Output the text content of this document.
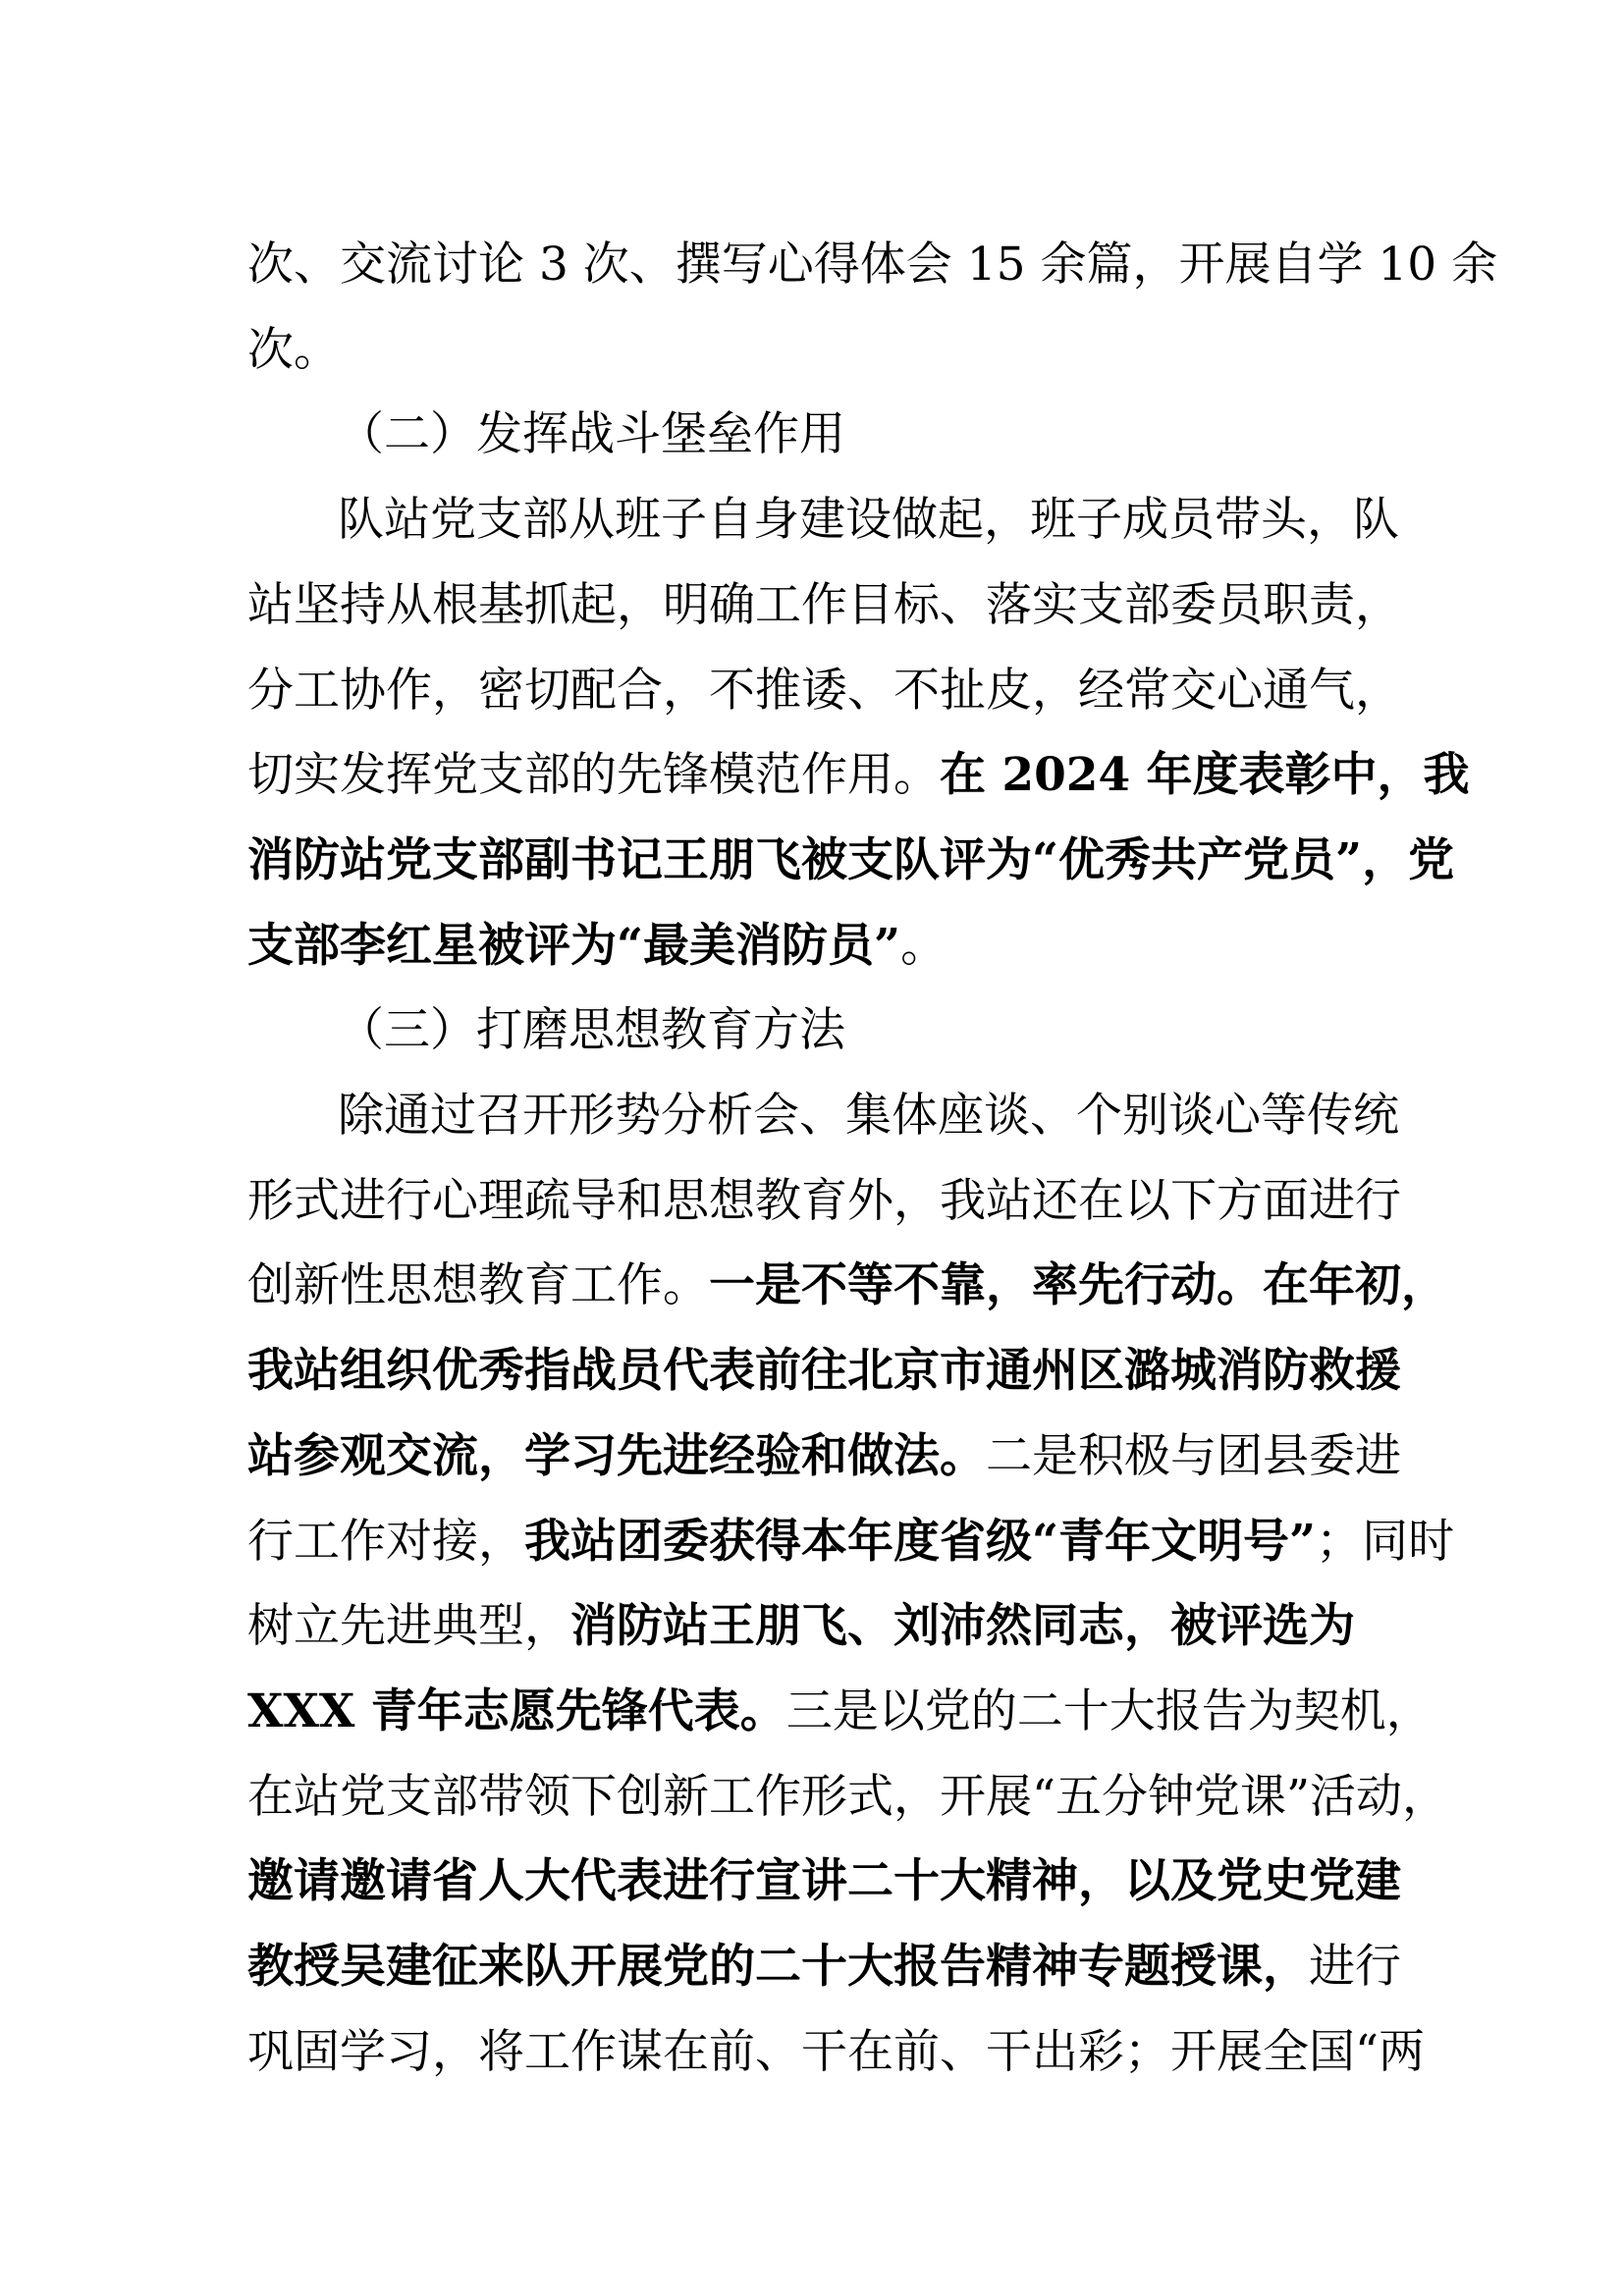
次、交流讨论 3 次、撰写心得体会 15 余篇，开展自学 10 余
次。
（二）发挥战斗堡垒作用
队站党支部从班子自身建设做起，班子成员带头，队
站坚持从根基抓起，明确工作目标、落实支部委员职责，
分工协作，密切配合，不推诿、不扯皮，经常交心通气，
切实发挥党支部的先锋模范作用。在 2024 年度表彰中，我
消防站党支部副书记王朋飞被支队评为“优秀共产党员”，党
支部李红星被评为“最美消防员”。
（三）打磨思想教育方法
除通过召开形势分析会、集体座谈、个别谈心等传统
形式进行心理疏导和思想教育外，我站还在以下方面进行
创新性思想教育工作。一是不等不靠，率先行动。在年初，
我站组织优秀指战员代表前往北京市通州区潞城消防救援
站参观交流，学习先进经验和做法。二是积极与团县委进
行工作对接，我站团委获得本年度省级“青年文明号”；同时
树立先进典型，消防站王朋飞、刘沛然同志，被评选为
XXX 青年志愿先锋代表。三是以党的二十大报告为契机，
在站党支部带领下创新工作形式，开展“五分钟党课”活动，
邀请邀请省人大代表进行宣讲二十大精神，以及党史党建
教授吴建征来队开展党的二十大报告精神专题授课，进行
巩固学习，将工作谋在前、干在前、干出彩；开展全国“两
